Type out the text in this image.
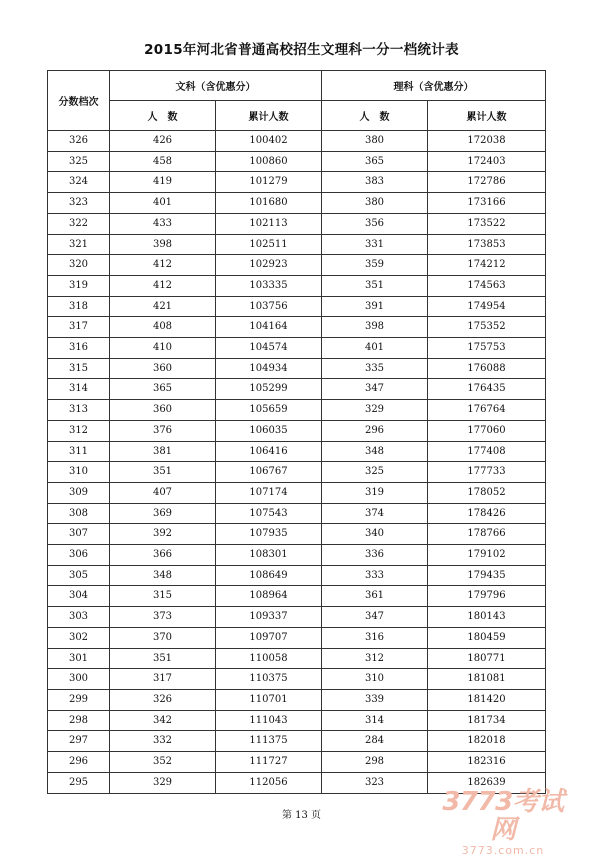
2015年河北省普通高校招生文理科一分一档统计表
分数档次	文科（含优惠分）		理科（含优惠分）	
	人　数	累计人数	人　数	累计人数
326	426	100402	380	172038
325	458	100860	365	172403
324	419	101279	383	172786
323	401	101680	380	173166
322	433	102113	356	173522
321	398	102511	331	173853
320	412	102923	359	174212
319	412	103335	351	174563
318	421	103756	391	174954
317	408	104164	398	175352
316	410	104574	401	175753
315	360	104934	335	176088
314	365	105299	347	176435
313	360	105659	329	176764
312	376	106035	296	177060
311	381	106416	348	177408
310	351	106767	325	177733
309	407	107174	319	178052
308	369	107543	374	178426
307	392	107935	340	178766
306	366	108301	336	179102
305	348	108649	333	179435
304	315	108964	361	179796
303	373	109337	347	180143
302	370	109707	316	180459
301	351	110058	312	180771
300	317	110375	310	181081
299	326	110701	339	181420
298	342	111043	314	181734
297	332	111375	284	182018
296	352	111727	298	182316
295	329	112056	323	182639
第 13 页	3773考试网
3773.com.cn
